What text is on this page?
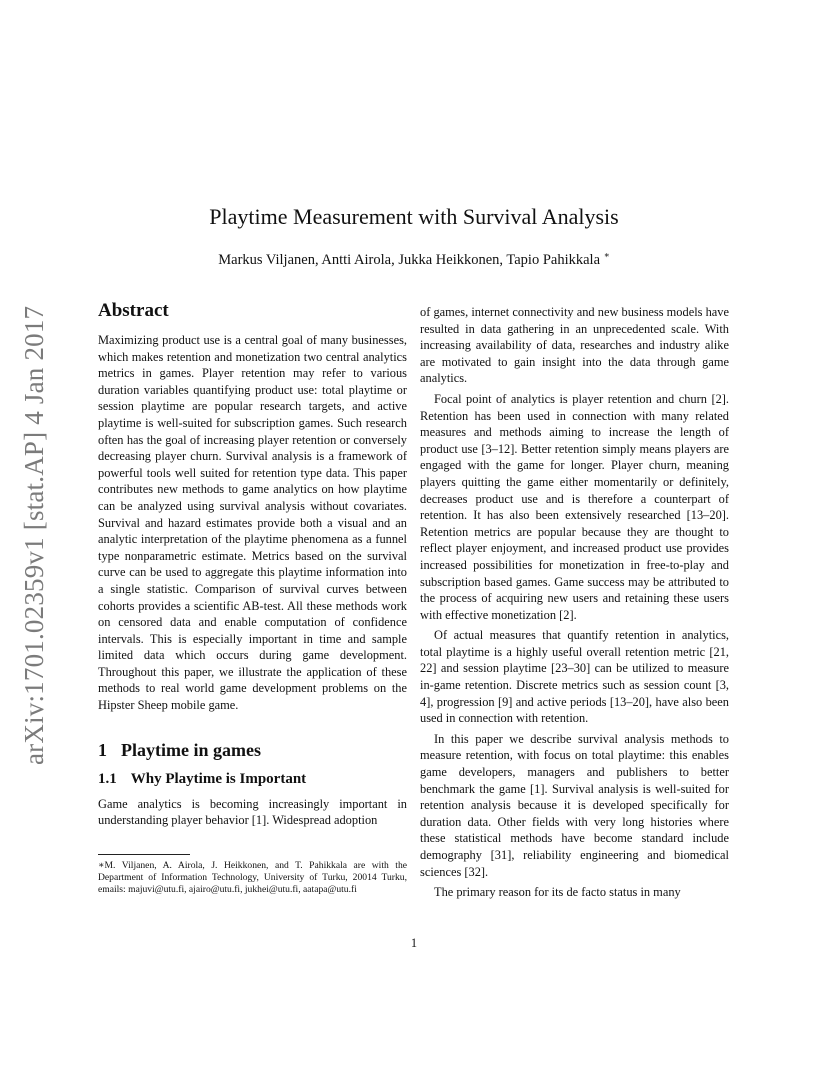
arXiv:1701.02359v1 [stat.AP] 4 Jan 2017
Playtime Measurement with Survival Analysis
Markus Viljanen, Antti Airola, Jukka Heikkonen, Tapio Pahikkala ∗
Abstract

Maximizing product use is a central goal of many businesses, which makes retention and monetization two central analytics metrics in games. Player retention may refer to various duration variables quantifying product use: total playtime or session playtime are popular research targets, and active playtime is well-suited for subscription games. Such research often has the goal of increasing player retention or conversely decreasing player churn. Survival analysis is a framework of powerful tools well suited for retention type data. This paper contributes new methods to game analytics on how playtime can be analyzed using survival analysis without covariates. Survival and hazard estimates provide both a visual and an analytic interpretation of the playtime phenomena as a funnel type nonparametric estimate. Metrics based on the survival curve can be used to aggregate this playtime information into a single statistic. Comparison of survival curves between cohorts provides a scientific AB-test. All these methods work on censored data and enable computation of confidence intervals. This is especially important in time and sample limited data which occurs during game development. Throughout this paper, we illustrate the application of these methods to real world game development problems on the Hipster Sheep mobile game.

1 Playtime in games
1.1 Why Playtime is Important

Game analytics is becoming increasingly important in understanding player behavior [1]. Widespread adoption

of games, internet connectivity and new business models have resulted in data gathering in an unprecedented scale. With increasing availability of data, researches and industry alike are motivated to gain insight into the data through game analytics.

Focal point of analytics is player retention and churn [2]. Retention has been used in connection with many related measures and methods aiming to increase the length of product use [3–12]. Better retention simply means players are engaged with the game for longer. Player churn, meaning players quitting the game either momentarily or definitely, decreases product use and is therefore a counterpart of retention. It has also been extensively researched [13–20]. Retention metrics are popular because they are thought to reflect player enjoyment, and increased product use provides increased possibilities for monetization in free-to-play and subscription based games. Game success may be attributed to the process of acquiring new users and retaining these users with effective monetization [2].

Of actual measures that quantify retention in analytics, total playtime is a highly useful overall retention metric [21, 22] and session playtime [23–30] can be utilized to measure in-game retention. Discrete metrics such as session count [3, 4], progression [9] and active periods [13–20], have also been used in connection with retention.

In this paper we describe survival analysis methods to measure retention, with focus on total playtime: this enables game developers, managers and publishers to better benchmark the game [1]. Survival analysis is well-suited for retention analysis because it is developed specifically for duration data. Other fields with very long histories where these statistical methods have become standard include demography [31], reliability engineering and biomedical sciences [32].

The primary reason for its de facto status in many

∗M. Viljanen, A. Airola, J. Heikkonen, and T. Pahikkala are with the Department of Information Technology, University of Turku, 20014 Turku, emails: majuvi@utu.fi, ajairo@utu.fi, jukhei@utu.fi, aatapa@utu.fi
1
